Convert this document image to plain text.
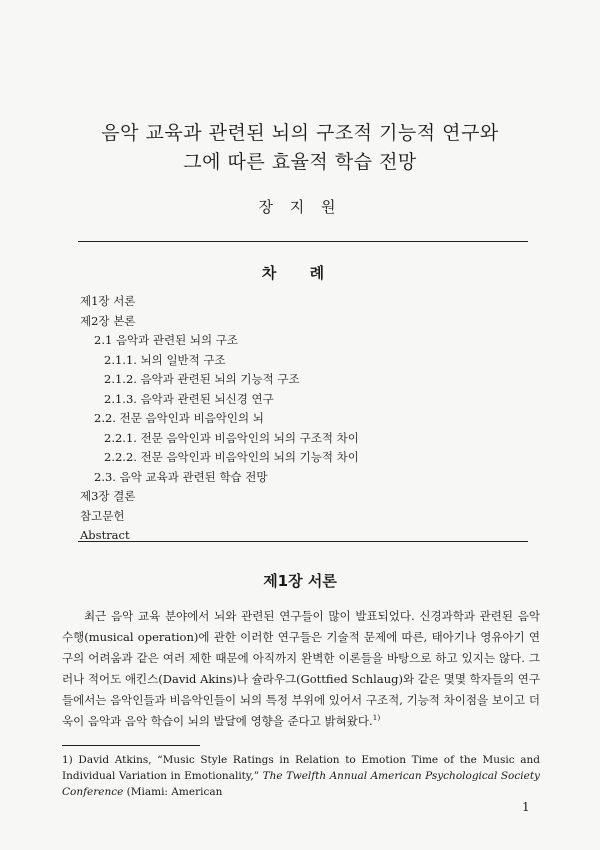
음악 교육과 관련된 뇌의 구조적 기능적 연구와
그에 따른 효율적 학습 전망
장 지 원
차 례
제1장 서론
제2장 본론
2.1 음악과 관련된 뇌의 구조
2.1.1. 뇌의 일반적 구조
2.1.2. 음악과 관련된 뇌의 기능적 구조
2.1.3. 음악과 관련된 뇌신경 연구
2.2. 전문 음악인과 비음악인의 뇌
2.2.1. 전문 음악인과 비음악인의 뇌의 구조적 차이
2.2.2. 전문 음악인과 비음악인의 뇌의 기능적 차이
2.3. 음악 교육과 관련된 학습 전망
제3장 결론
참고문헌
Abstract
제1장 서론
최근 음악 교육 분야에서 뇌와 관련된 연구들이 많이 발표되었다. 신경과학과 관련된 음악 수행(musical operation)에 관한 이러한 연구들은 기술적 문제에 따른, 태아기나 영유아기 연구의 어려움과 같은 여러 제한 때문에 아직까지 완벽한 이론들을 바탕으로 하고 있지는 않다. 그러나 적어도 애킨스(David Akins)나 슐라우그(Gottfied Schlaug)와 같은 몇몇 학자들의 연구들에서는 음악인들과 비음악인들이 뇌의 특정 부위에 있어서 구조적, 기능적 차이점을 보이고 더욱이 음악과 음악 학습이 뇌의 발달에 영향을 준다고 밝혀왔다.$^{1)}$
1) David Atkins, “Music Style Ratings in Relation to Emotion Time of the Music and Individual Variation in Emotionality,” The Twelfth Annual American Psychological Society Conference (Miami: American
1
